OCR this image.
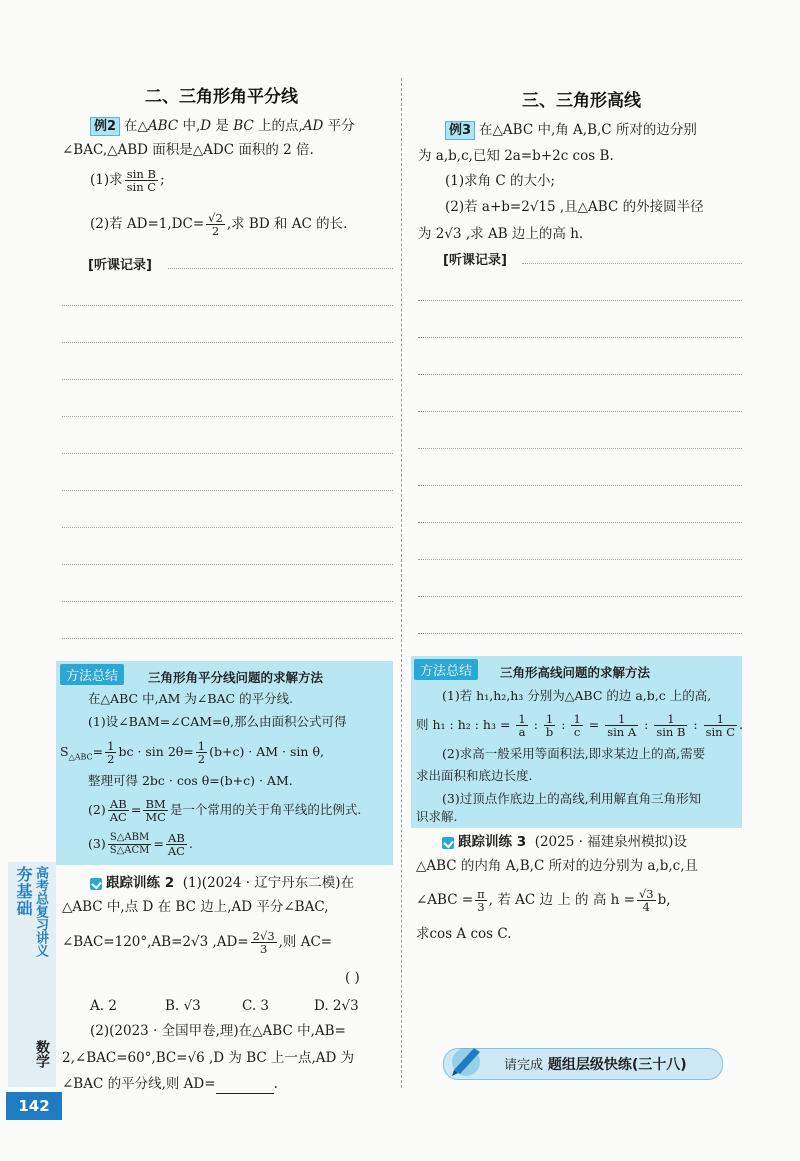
二、三角形角平分线
例2 在△ABC 中,D 是 BC 上的点,AD 平分
∠BAC,△ABD 面积是△ADC 面积的 2 倍.
(1)求 $\frac{\text{sin B}}{\text{sin C}}$ ;
(2)若 $AD=1,DC= \frac{√2}{2}$ ,求 BD 和 AC 的长.
[听课记录]
方法总结	三角形角平分线问题的求解方法
在△ABC 中,AM 为∠BAC 的平分线.
(1)设∠BAM=∠CAM=θ,那么由面积公式可得
$S_{\triangle ABC}= \frac{1}{2}$ bc · $\sin 2\theta= \frac{1}{2} (b+c)$ · AM · sin θ,
整理可得 2bc · cos θ=(b+c) · AM.
$(2) \frac{AB}{AC} = \frac{BM}{MC}$ 是一个常用的关于角平线的比例式.
$(3) \frac{\text{S△ABM}}{\text{S△ACM}} = \frac{AB}{AC}$ .
跟踪训练 2 (1)(2024 · 辽宁丹东二模)在
△ABC 中,点 D 在 BC 边上,AD 平分∠BAC,
∠BAC=120°,AB=2√3 $,AD= \frac{2√3}{3}$ ,则 AC=
( )
A. 2	B. √3	C. 3	D. 2√3
(2)(2023 · 全国甲卷,理)在△ABC 中,AB=
2,∠BAC=60°,BC=√6 ,D 为 BC 上一点,AD 为
∠BAC 的平分线,则 AD=	.
三、三角形高线
例3 在△ABC 中,角 A,B,C 所对的边分别
为 a,b,c,已知 2a=b+2c cos B.
(1)求角 C 的大小;
(2)若 a+b=2√15 ,且△ABC 的外接圆半径
为 2√3 ,求 AB 边上的高 h.
[听课记录]
方法总结	三角形高线问题的求解方法
(1)若 h₁,h₂,h₃ 分别为△ABC 的边 a,b,c 上的高,
则 h₁ : h₂ : $h_3 = \frac{1}{a}$ : $\frac{1}{b}$ : $\frac{1}{c} = \frac{1}{\text{sin A}}$ : $\frac{1}{\text{sin B}}$ : $\frac{1}{\text{sin C}}$ .
(2)求高一般采用等面积法,即求某边上的高,需要
求出面积和底边长度.
(3)过顶点作底边上的高线,利用解直角三角形知
识求解.
跟踪训练 3 (2025 · 福建泉州模拟)设
△ABC 的内角 A,B,C 所对的边分别为 a,b,c,且
∠ABC = $\frac{\pi}{3}$ , 若 AC 边 上 的 高 $h = \frac{√3}{4} b$,
求cos A cos C.
请完成 题组层级快练(三十八)
夯基础 高考总复习讲义
数学
142
